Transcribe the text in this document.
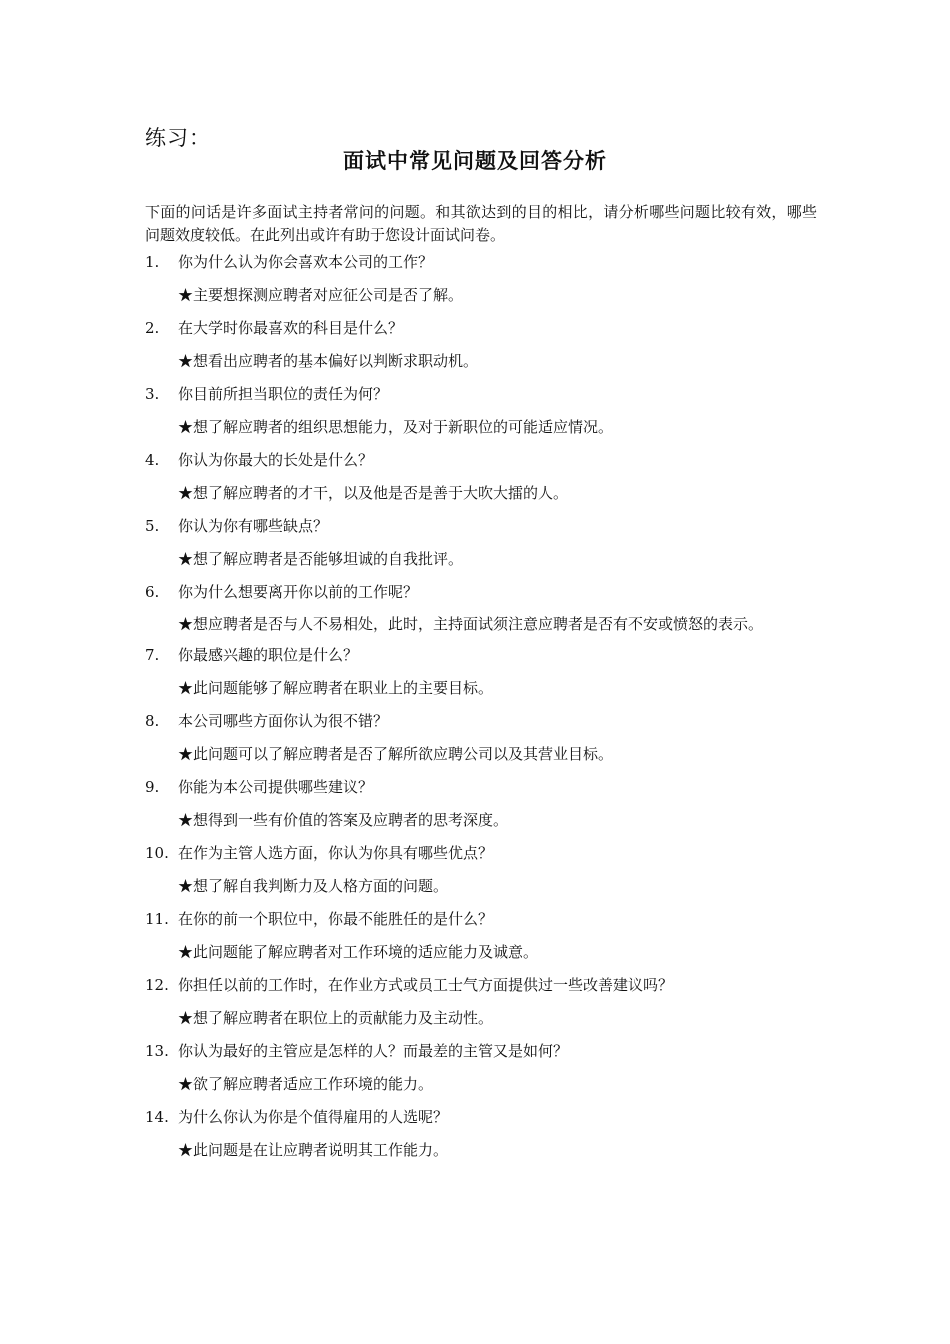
练习：
面试中常见问题及回答分析

下面的问话是许多面试主持者常问的问题。和其欲达到的目的相比，请分析哪些问题比较有效，哪些问题效度较低。在此列出或许有助于您设计面试问卷。

1.	你为什么认为你会喜欢本公司的工作？
★主要想探测应聘者对应征公司是否了解。
2.	在大学时你最喜欢的科目是什么？
★想看出应聘者的基本偏好以判断求职动机。
3.	你目前所担当职位的责任为何？
★想了解应聘者的组织思想能力，及对于新职位的可能适应情况。
4.	你认为你最大的长处是什么？
★想了解应聘者的才干，以及他是否是善于大吹大擂的人。
5.	你认为你有哪些缺点？
★想了解应聘者是否能够坦诚的自我批评。
6.	你为什么想要离开你以前的工作呢？
★想应聘者是否与人不易相处，此时，主持面试须注意应聘者是否有不安或愤怒的表示。
7.	你最感兴趣的职位是什么？
★此问题能够了解应聘者在职业上的主要目标。
8.	本公司哪些方面你认为很不错？
★此问题可以了解应聘者是否了解所欲应聘公司以及其营业目标。
9.	你能为本公司提供哪些建议？
★想得到一些有价值的答案及应聘者的思考深度。
10. 在作为主管人选方面，你认为你具有哪些优点？
★想了解自我判断力及人格方面的问题。
11. 在你的前一个职位中，你最不能胜任的是什么？
★此问题能了解应聘者对工作环境的适应能力及诚意。
12. 你担任以前的工作时，在作业方式或员工士气方面提供过一些改善建议吗？
★想了解应聘者在职位上的贡献能力及主动性。
13. 你认为最好的主管应是怎样的人？而最差的主管又是如何？
★欲了解应聘者适应工作环境的能力。
14. 为什么你认为你是个值得雇用的人选呢？
★此问题是在让应聘者说明其工作能力。
